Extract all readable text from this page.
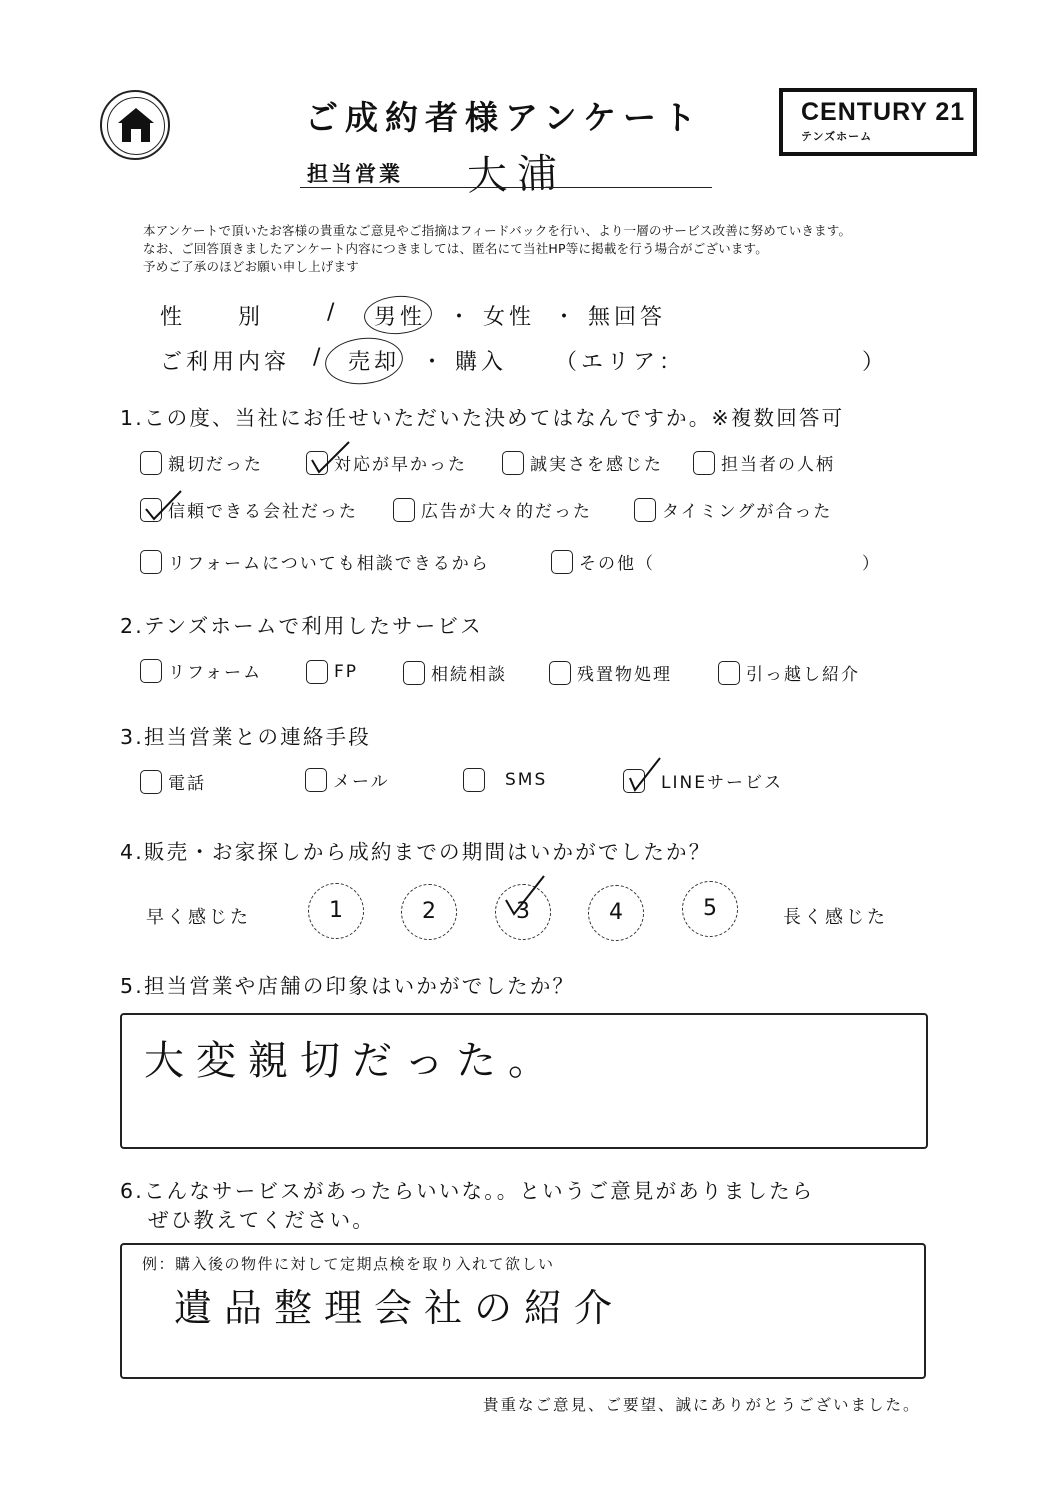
ご成約者様アンケート	CENTURY 21
テンズホーム
担当営業 大浦
本アンケートで頂いたお客様の貴重なご意見やご指摘はフィードバックを行い、より一層のサービス改善に努めていきます。
なお、ご回答頂きましたアンケート内容につきましては、匿名にて当社HP等に掲載を行う場合がございます。
予めご了承のほどお願い申し上げます
性　　別	/ 男性 ・ 女性 ・ 無回答
ご利用内容 / 売却 ・ 購入 （エリア：	）
1.この度、当社にお任せいただいた決めてはなんですか。※複数回答可
親切だった	対応が早かった	誠実さを感じた	担当者の人柄
信頼できる会社だった	広告が大々的だった	タイミングが合った
リフォームについても相談できるから	その他（	）
2.テンズホームで利用したサービス
リフォーム	FP	相続相談	残置物処理	引っ越し紹介
3.担当営業との連絡手段
電話	メール	SMS	LINEサービス
4.販売・お家探しから成約までの期間はいかがでしたか？
早く感じた	1	2	3	4	5	長く感じた
5.担当営業や店舗の印象はいかがでしたか？
大変親切だった。
6.こんなサービスがあったらいいな。。というご意見がありましたら
ぜひ教えてください。
例：購入後の物件に対して定期点検を取り入れて欲しい
遺品整理会社の紹介
貴重なご意見、ご要望、誠にありがとうございました。
